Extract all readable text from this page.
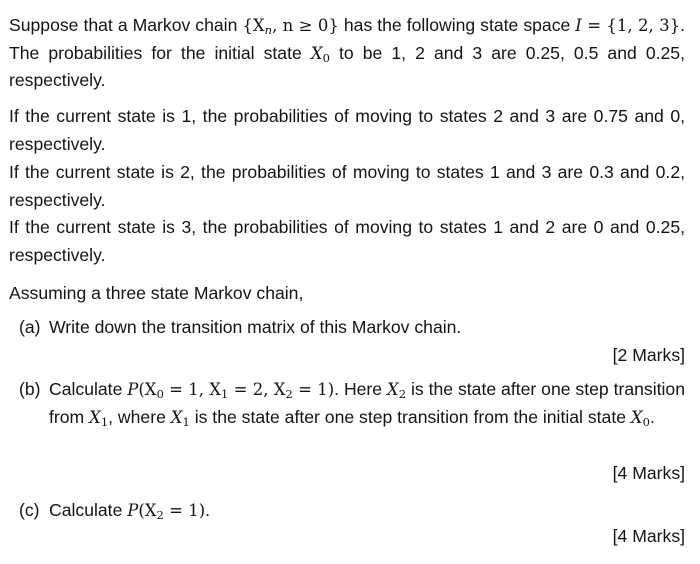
Suppose that a Markov chain {$X_n$, n ≥ 0} has the following state space I = {1, 2, 3}. The probabilities for the initial state $X_0$ to be 1, 2 and 3 are 0.25, 0.5 and 0.25, respectively.

If the current state is 1, the probabilities of moving to states 2 and 3 are 0.75 and 0, respectively.

If the current state is 2, the probabilities of moving to states 1 and 3 are 0.3 and 0.2, respectively.

If the current state is 3, the probabilities of moving to states 1 and 2 are 0 and 0.25, respectively.

Assuming a three state Markov chain,

(a) Write down the transition matrix of this Markov chain.
[2 Marks]
(b) Calculate $P(X_0 = 1$, $X_1 = 2$, $X_2 = 1$). Here $X_2$ is the state after one step transition from $X_1$, where $X_1$ is the state after one step transition from the initial state $X_0$.
[4 Marks]
(c) Calculate $P(X_2 = 1)$.
[4 Marks]
